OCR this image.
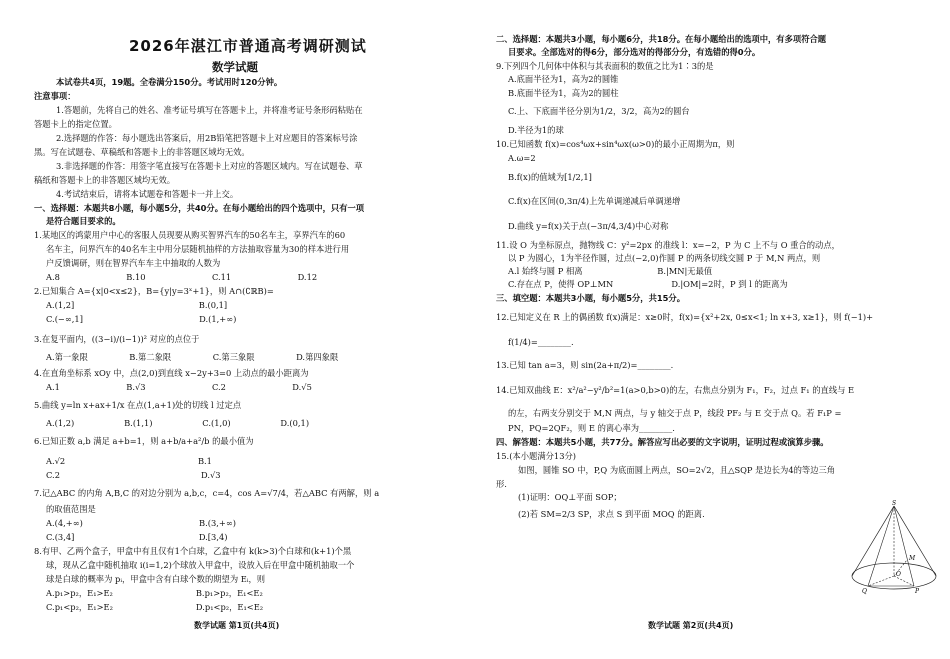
2026年湛江市普通高考调研测试
数学试题
本试卷共4页，19题。全卷满分150分。考试用时120分钟。
注意事项：
1.答题前，先将自己的姓名、准考证号填写在答题卡上，并将准考证号条形码粘贴在
答题卡上的指定位置。
2.选择题的作答：每小题选出答案后，用2B铅笔把答题卡上对应题目的答案标号涂
黑。写在试题卷、草稿纸和答题卡上的非答题区域均无效。
3.非选择题的作答：用签字笔直接写在答题卡上对应的答题区域内。写在试题卷、草
稿纸和答题卡上的非答题区域均无效。
4.考试结束后，请将本试题卷和答题卡一并上交。
一、选择题：本题共8小题，每小题5分，共40分。在每小题给出的四个选项中，只有一项
是符合题目要求的。
1.某地区的鸿蒙用户中心的客服人员现要从购买智界汽车的50名车主，享界汽车的60
名车主，问界汽车的40名车主中用分层随机抽样的方法抽取容量为30的样本进行用
户反馈调研，则在智界汽车车主中抽取的人数为
A.8　　　　　　　　B.10　　　　　　　　C.11　　　　　　　　D.12
2.已知集合 A={x|0<x≤2}，B={y|y=3ˣ+1}，则 A∩(∁ℝB)=
A.(1,2]　　　　　　　　　　　　　　　B.(0,1]
C.(−∞,1]　　　　　　　　　　　　　　D.(1,+∞)
3.在复平面内，((3−i)/(i−1))² 对应的点位于
A.第一象限　　　　　B.第二象限　　　　　C.第三象限　　　　　D.第四象限
4.在直角坐标系 xOy 中，点(2,0)到直线 x−2y+3=0 上动点的最小距离为
A.1　　　　　　　　B.√3　　　　　　　　C.2　　　　　　　　D.√5
5.曲线 y=ln x+ax+1/x 在点(1,a+1)处的切线 l 过定点
A.(1,2)　　　　　　B.(1,1)　　　　　　C.(1,0)　　　　　　D.(0,1)
6.已知正数 a,b 满足 a+b=1，则 a+b/a+a²/b 的最小值为
A.√2　　　　　　　　　　　　　　　　B.1
C.2　　　　　　　　　　　　　　　　　D.√3
7.记△ABC 的内角 A,B,C 的对边分别为 a,b,c，c=4，cos A=√7/4，若△ABC 有两解，则 a
的取值范围是
A.(4,+∞)　　　　　　　　　　　　　　B.(3,+∞)
C.(3,4]　　　　　　　　　　　　　　　D.[3,4)
8.有甲、乙两个盒子，甲盒中有且仅有1个白球，乙盒中有 k(k>3)个白球和(k+1)个黑
球，现从乙盒中随机抽取 i(i=1,2)个球放入甲盒中，设放入后在甲盒中随机抽取一个
球是白球的概率为 pᵢ，甲盒中含有白球个数的期望为 Eᵢ，则
A.p₁>p₂，E₁>E₂　　　　　　　　　　B.p₁>p₂，E₁<E₂
C.p₁<p₂，E₁>E₂　　　　　　　　　　D.p₁<p₂，E₁<E₂
数学试题 第1页(共4页)
二、选择题：本题共3小题，每小题6分，共18分。在每小题给出的选项中，有多项符合题
目要求。全部选对的得6分，部分选对的得部分分，有选错的得0分。
9.下列四个几何体中体积与其表面积的数值之比为1∶3的是
A.底面半径为1，高为2的圆锥
B.底面半径为1，高为2的圆柱
C.上、下底面半径分别为1/2，3/2，高为2的圆台
D.半径为1的球
10.已知函数 f(x)=cos⁴ωx+sin⁴ωx(ω>0)的最小正周期为π，则
A.ω=2
B.f(x)的值域为[1/2,1]
C.f(x)在区间(0,3π/4)上先单调递减后单调递增
D.曲线 y=f(x)关于点(−3π/4,3/4)中心对称
11.设 O 为坐标原点，抛物线 C：y²=2px 的准线 l：x=−2，P 为 C 上不与 O 重合的动点，
以 P 为圆心，1为半径作圆，过点(−2,0)作圆 P 的两条切线交圆 P 于 M,N 两点，则
A.l 始终与圆 P 相离　　　　　　　　　B.|MN|无最值
C.存在点 P，使得 OP⊥MN　　　　　　　D.|OM|=2时，P 到 l 的距离为
三、填空题：本题共3小题，每小题5分，共15分。
12.已知定义在 R 上的偶函数 f(x)满足：x≥0时，f(x)={x²+2x, 0≤x<1; ln x+3, x≥1}，则 f(−1)+
f(1/4)=________.
13.已知 tan a=3，则 sin(2a+π/2)=________.
14.已知双曲线 E：x²/a²−y²/b²=1(a>0,b>0)的左，右焦点分别为 F₁，F₂，过点 F₁ 的直线与 E
的左，右两支分别交于 M,N 两点，与 y 轴交于点 P，线段 PF₂ 与 E 交于点 Q。若 F₁P =
PN，PQ=2QF₂，则 E 的离心率为________.
四、解答题：本题共5小题，共77分。解答应写出必要的文字说明，证明过程或演算步骤。
15.(本小题满分13分)
如图，圆锥 SO 中，P,Q 为底面圆上两点，SO=2√2，且△SQP 是边长为4的等边三角
形.
(1)证明：OQ⊥平面 SOP；
(2)若 SM=2/3 SP，求点 S 到平面 MOQ 的距离.
数学试题 第2页(共4页)
S
M
O
Q	P
